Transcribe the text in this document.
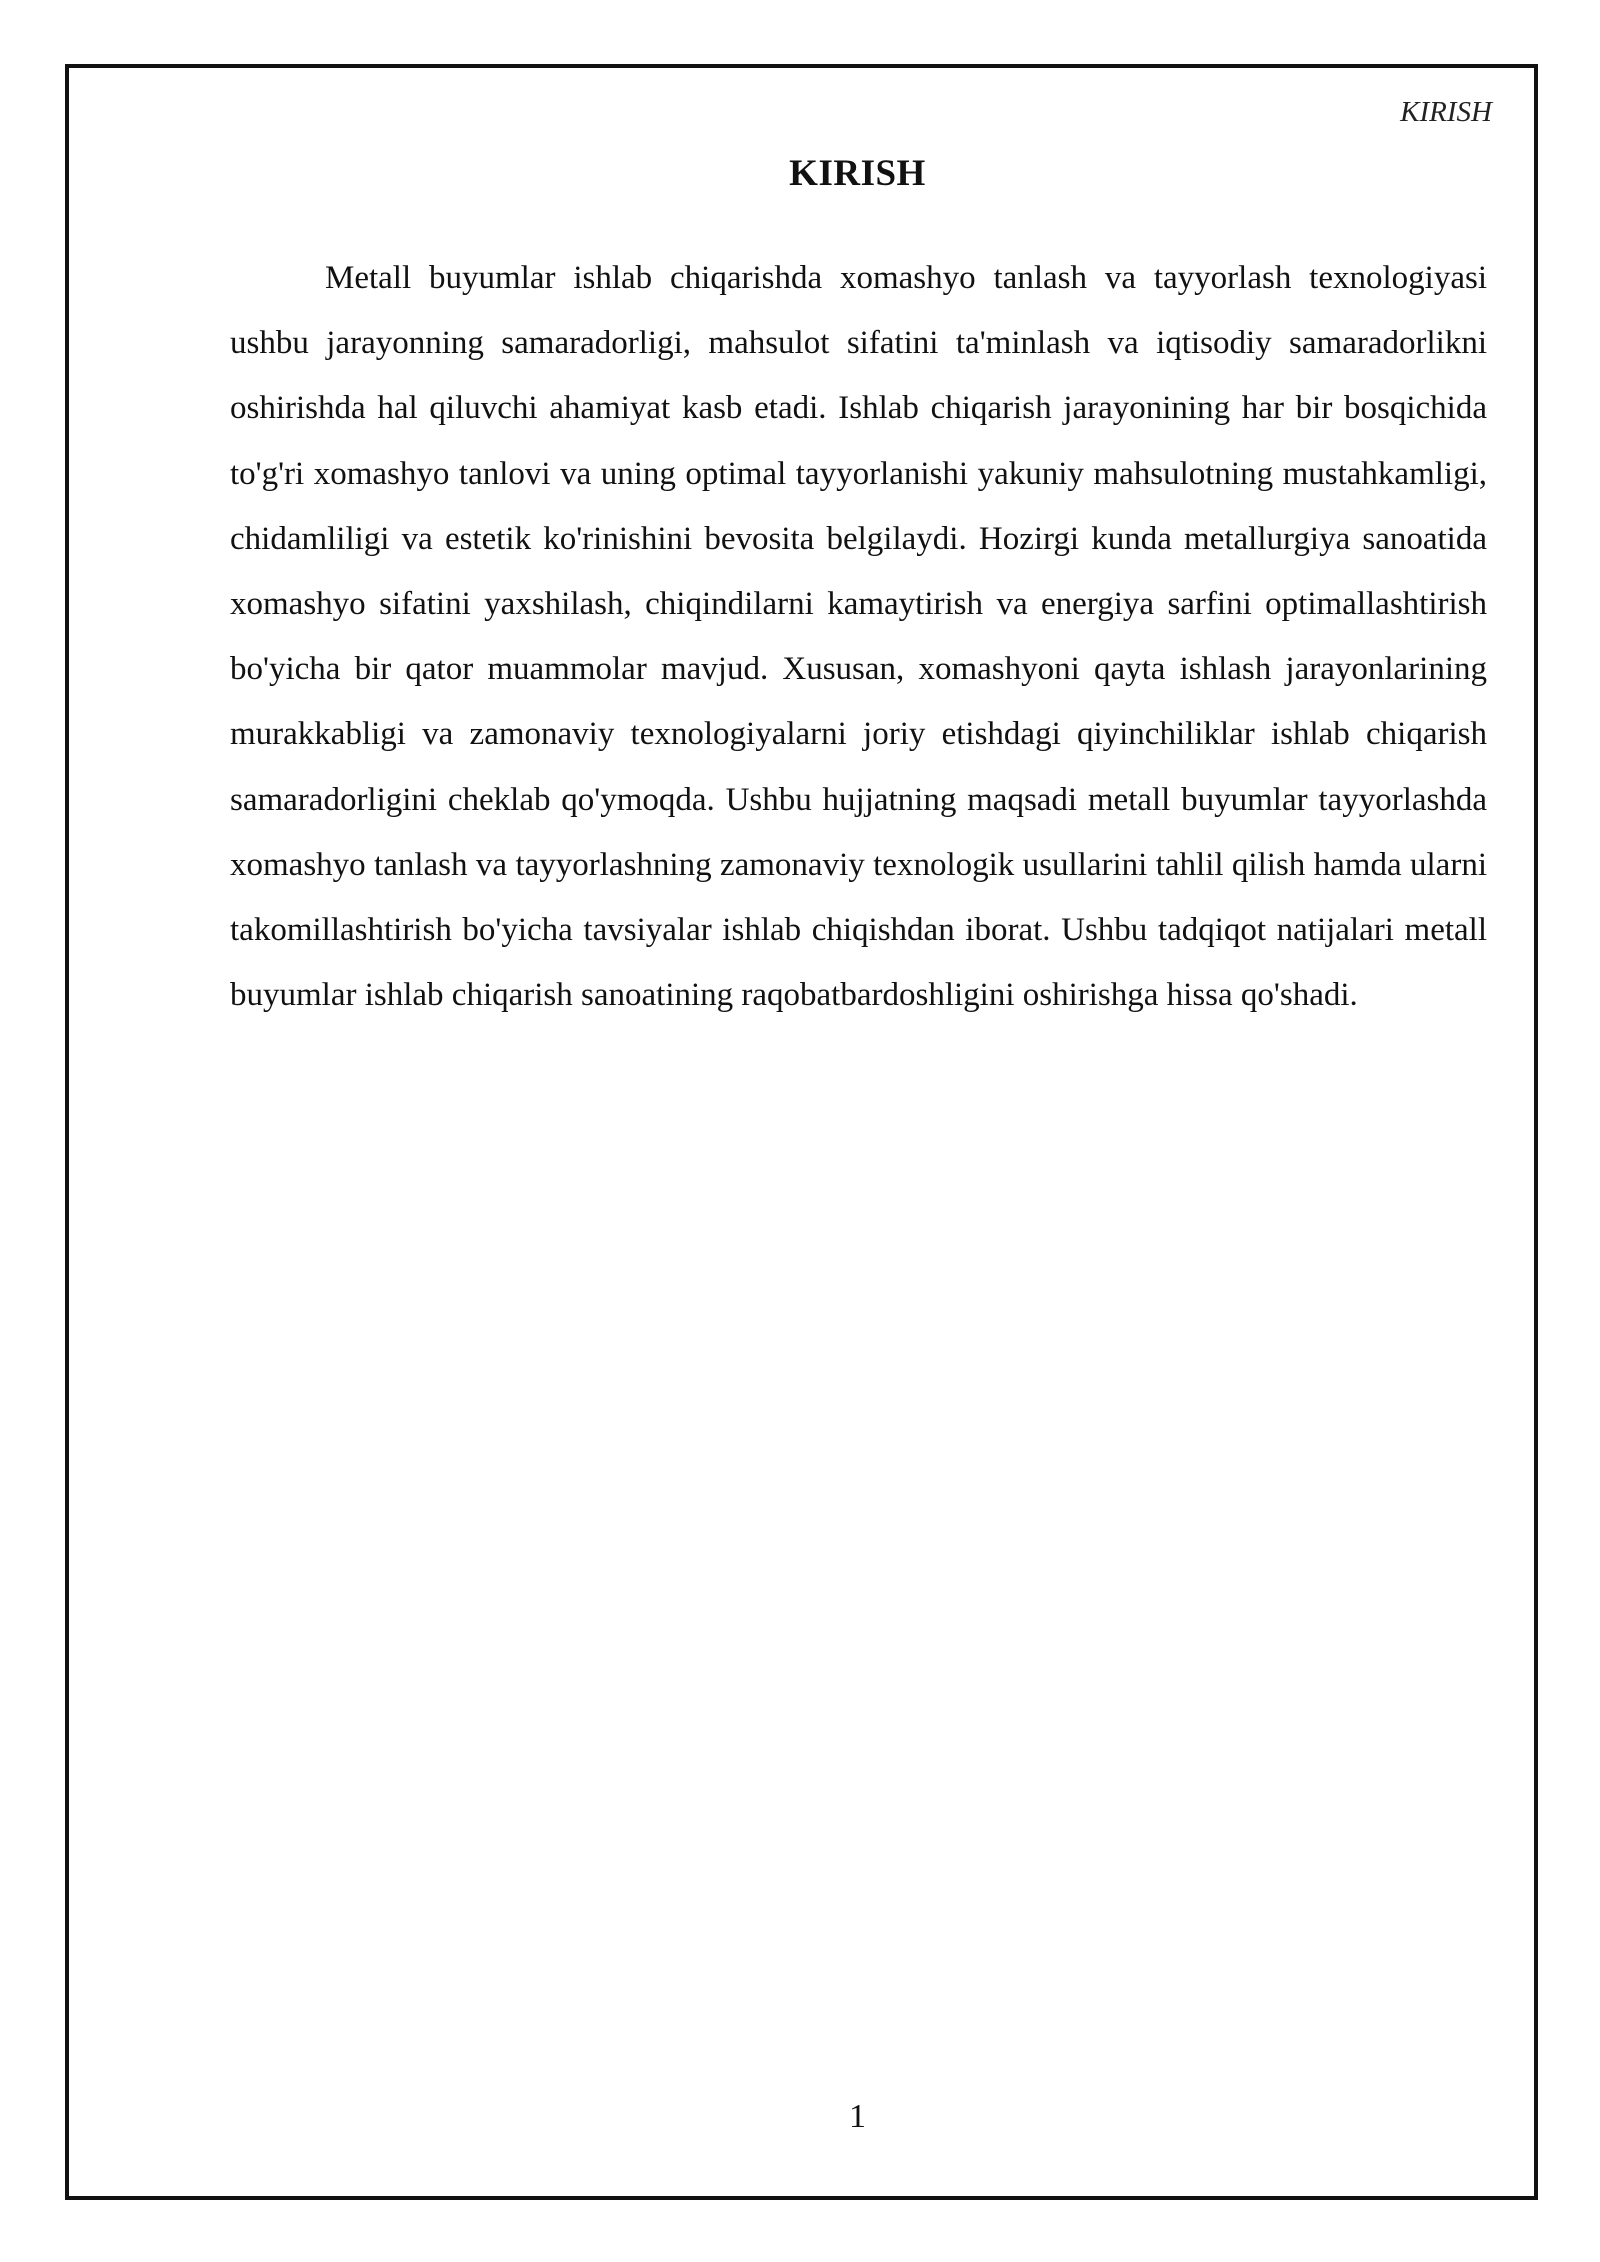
KIRISH
KIRISH

Metall buyumlar ishlab chiqarishda xomashyo tanlash va tayyorlash texnologiyasi ushbu jarayonning samaradorligi, mahsulot sifatini ta'minlash va iqtisodiy samaradorlikni oshirishda hal qiluvchi ahamiyat kasb etadi. Ishlab chiqarish jarayonining har bir bosqichida to'g'ri xomashyo tanlovi va uning optimal tayyorlanishi yakuniy mahsulotning mustahkamligi, chidamliligi va estetik ko'rinishini bevosita belgilaydi. Hozirgi kunda metallurgiya sanoatida xomashyo sifatini yaxshilash, chiqindilarni kamaytirish va energiya sarfini optimallashtirish bo'yicha bir qator muammolar mavjud. Xususan, xomashyoni qayta ishlash jarayonlarining murakkabligi va zamonaviy texnologiyalarni joriy etishdagi qiyinchiliklar ishlab chiqarish samaradorligini cheklab qo'ymoqda. Ushbu hujjatning maqsadi metall buyumlar tayyorlashda xomashyo tanlash va tayyorlashning zamonaviy texnologik usullarini tahlil qilish hamda ularni takomillashtirish bo'yicha tavsiyalar ishlab chiqishdan iborat. Ushbu tadqiqot natijalari metall buyumlar ishlab chiqarish sanoatining raqobatbardoshligini oshirishga hissa qo'shadi.

1
